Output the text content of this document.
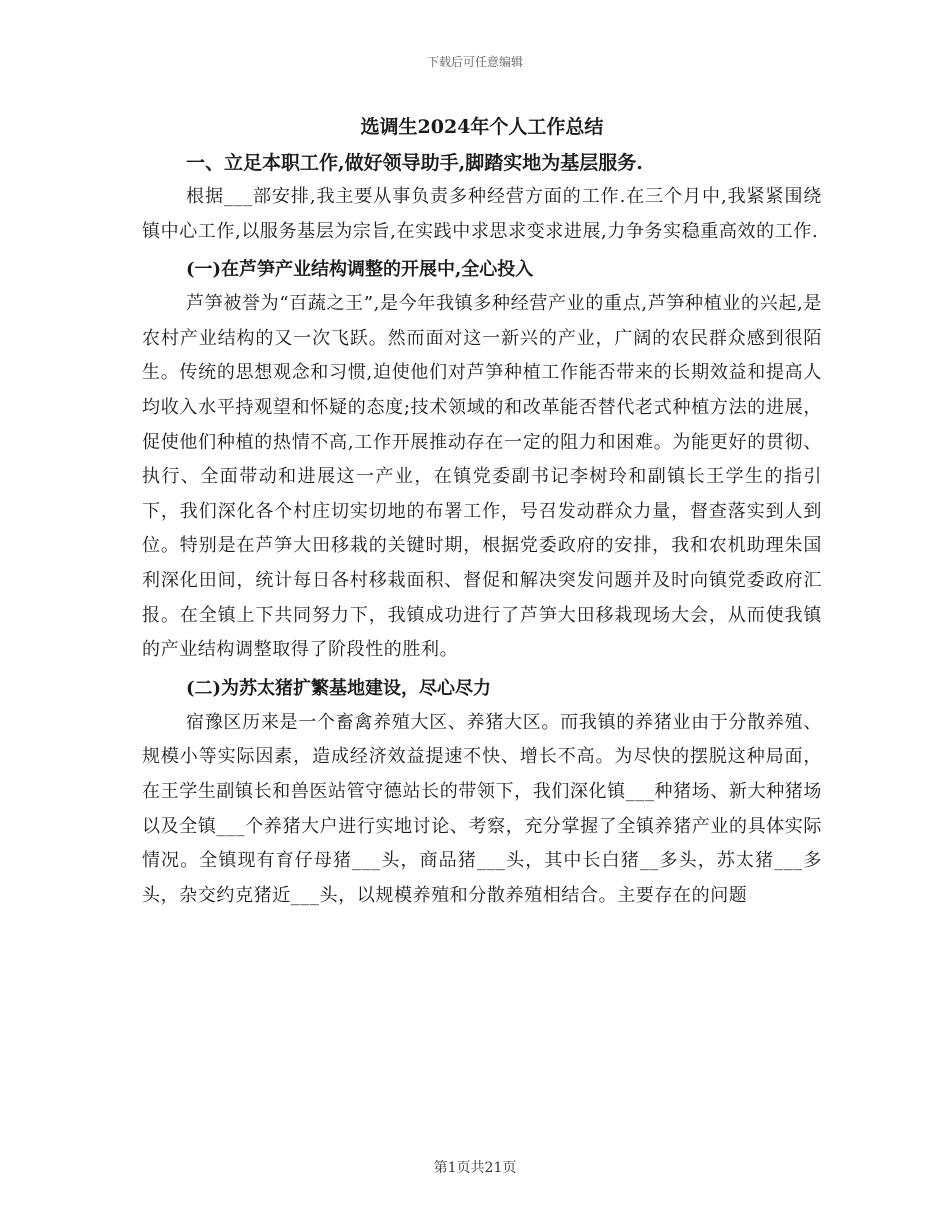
下载后可任意编辑
选调生2024年个人工作总结
一、立足本职工作,做好领导助手,脚踏实地为基层服务.

根据___部安排,我主要从事负责多种经营方面的工作.在三个月中,我紧紧围绕镇中心工作,以服务基层为宗旨,在实践中求思求变求进展,力争务实稳重高效的工作.

(一)在芦笋产业结构调整的开展中,全心投入

芦笋被誉为“百蔬之王”,是今年我镇多种经营产业的重点,芦笋种植业的兴起,是农村产业结构的又一次飞跃。然而面对这一新兴的产业，广阔的农民群众感到很陌生。传统的思想观念和习惯,迫使他们对芦笋种植工作能否带来的长期效益和提高人均收入水平持观望和怀疑的态度;技术领域的和改革能否替代老式种植方法的进展，促使他们种植的热情不高,工作开展推动存在一定的阻力和困难。为能更好的贯彻、执行、全面带动和进展这一产业，在镇党委副书记李树玲和副镇长王学生的指引下，我们深化各个村庄切实切地的布署工作，号召发动群众力量，督查落实到人到位。特别是在芦笋大田移栽的关键时期，根据党委政府的安排，我和农机助理朱国利深化田间，统计每日各村移栽面积、督促和解决突发问题并及时向镇党委政府汇报。在全镇上下共同努力下，我镇成功进行了芦笋大田移栽现场大会，从而使我镇的产业结构调整取得了阶段性的胜利。

(二)为苏太猪扩繁基地建设，尽心尽力

宿豫区历来是一个畜禽养殖大区、养猪大区。而我镇的养猪业由于分散养殖、规模小等实际因素，造成经济效益提速不快、增长不高。为尽快的摆脱这种局面，在王学生副镇长和兽医站管守德站长的带领下，我们深化镇___种猪场、新大种猪场以及全镇___个养猪大户进行实地讨论、考察，充分掌握了全镇养猪产业的具体实际情况。全镇现有育仔母猪___头，商品猪___头，其中长白猪__多头，苏太猪___多头，杂交约克猪近___头，以规模养殖和分散养殖相结合。主要存在的问题

第1页共21页
